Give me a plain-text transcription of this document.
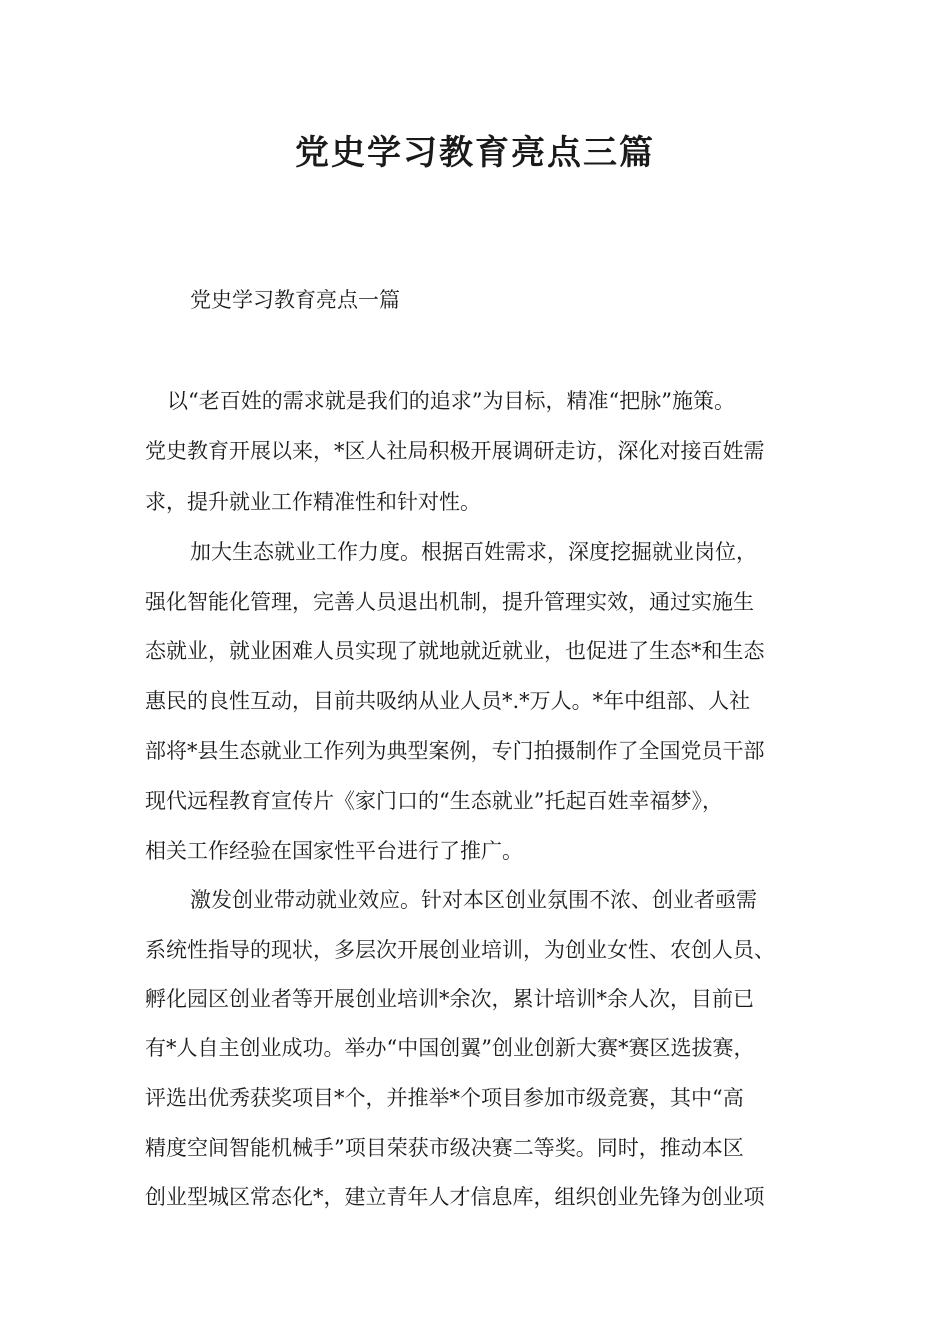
党史学习教育亮点三篇

党史学习教育亮点一篇

以“老百姓的需求就是我们的追求”为目标，精准“把脉”施策。

党史教育开展以来，*区人社局积极开展调研走访，深化对接百姓需

求，提升就业工作精准性和针对性。

加大生态就业工作力度。根据百姓需求，深度挖掘就业岗位，

强化智能化管理，完善人员退出机制，提升管理实效，通过实施生

态就业，就业困难人员实现了就地就近就业，也促进了生态*和生态

惠民的良性互动，目前共吸纳从业人员*.*万人。*年中组部、人社

部将*县生态就业工作列为典型案例，专门拍摄制作了全国党员干部

现代远程教育宣传片《家门口的“生态就业”托起百姓幸福梦》，

相关工作经验在国家性平台进行了推广。

激发创业带动就业效应。针对本区创业氛围不浓、创业者亟需

系统性指导的现状，多层次开展创业培训，为创业女性、农创人员、

孵化园区创业者等开展创业培训*余次，累计培训*余人次，目前已

有*人自主创业成功。举办“中国创翼”创业创新大赛*赛区选拔赛，

评选出优秀获奖项目*个，并推举*个项目参加市级竞赛，其中“高

精度空间智能机械手”项目荣获市级决赛二等奖。同时，推动本区

创业型城区常态化*，建立青年人才信息库，组织创业先锋为创业项
